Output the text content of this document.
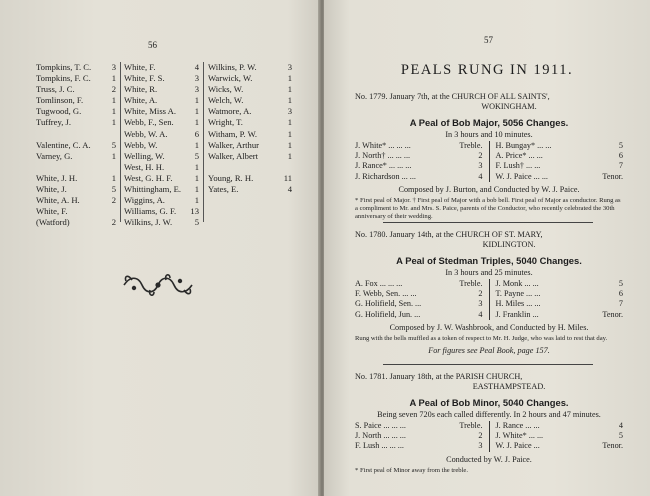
56
Tompkins, T. C.	3
Tompkins, F. C.	1
Truss, J. C.	2
Tomlinson, F.	1
Tugwood, G.	1
Tuffrey, J.	1
Valentine, C. A.	5
Varney, G.	1
White, J. H.	1
White, J.	5
White, A. H.	2
White, F.
(Watford)	2
White, F.	4
White, F. S.	3
White, R.	3
White, A.	1
White, Miss A.	1
Webb, F., Sen.	1
Webb, W. A.	6
Webb, W.	1
Welling, W.	5
West, H. H.	1
West, G. H. F.	1
Whittingham, E.	1
Wiggins, A.	1
Williams, G. F.	13
Wilkins, J. W.	5
Wilkins, P. W.	3
Warwick, W.	1
Wicks, W.	1
Welch, W.	1
Watmore, A.	3
Wright, T.	1
Witham, P. W.	1
Walker, Arthur	1
Walker, Albert	1
Young, R. H.	11
Yates, E.	4
57
PEALS RUNG IN 1911.
No. 1779. January 7th, at the CHURCH OF ALL SAINTS',
WOKINGHAM.
A Peal of Bob Major, 5056 Changes.
In 3 hours and 10 minutes.
J. White* ... ... ...	Treble.
J. North† ... ... ...	2
J. Rance* ... ... ...	3
J. Richardson ... ...	4
H. Bungay* ... ...	5
A. Price* ... ...	6
F. Lush† ... ...	7
W. J. Paice ... ...	Tenor.
Composed by J. Burton, and Conducted by W. J. Paice.
* First peal of Major. † First peal of Major with a bob bell. First peal of Major as conductor. Rung as a compliment to Mr. and Mrs. S. Paice, parents of the Conductor, who recently celebrated the 30th anniversary of their wedding.
No. 1780. January 14th, at the CHURCH OF ST. MARY,
KIDLINGTON.
A Peal of Stedman Triples, 5040 Changes.
In 3 hours and 25 minutes.
A. Fox ... ... ...	Treble.
F. Webb, Sen. ... ...	2
G. Holifield, Sen. ...	3
G. Holifield, Jun. ...	4
J. Monk ... ...	5
T. Payne ... ...	6
H. Miles ... ...	7
J. Franklin ...	Tenor.
Composed by J. W. Washbrook, and Conducted by H. Miles.
Rung with the bells muffled as a token of respect to Mr. H. Judge, who was laid to rest that day.
For figures see Peal Book, page 157.
No. 1781. January 18th, at the PARISH CHURCH,
EASTHAMPSTEAD.
A Peal of Bob Minor, 5040 Changes.
Being seven 720s each called differently. In 2 hours and 47 minutes.
S. Paice ... ... ...	Treble.
J. North ... ... ...	2
F. Lush ... ... ...	3
J. Rance ... ...	4
J. White* ... ...	5
W. J. Paice ...	Tenor.
Conducted by W. J. Paice.
* First peal of Minor away from the treble.
